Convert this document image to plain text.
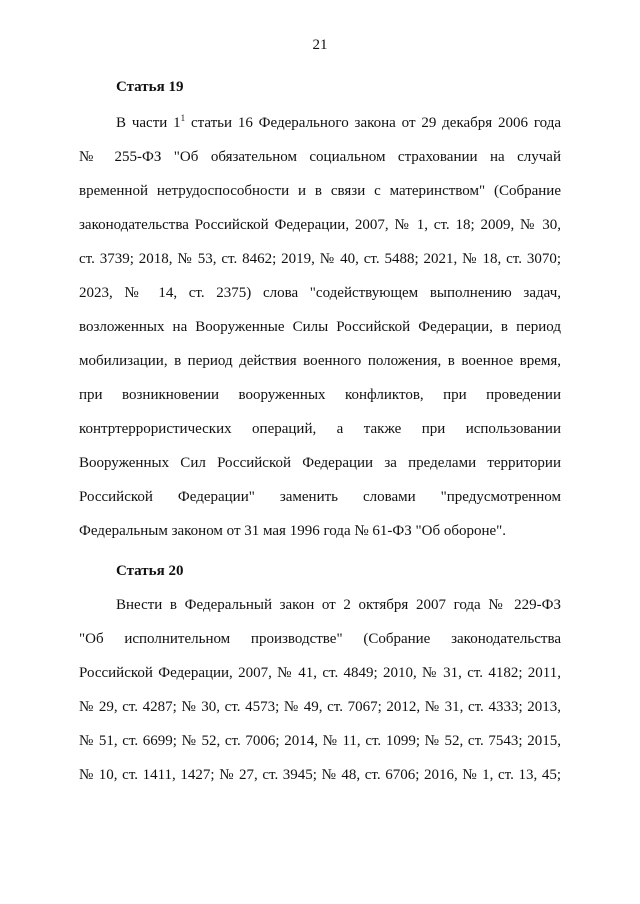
21
Статья 19
В части $1^1$ статьи 16 Федерального закона от 29 декабря 2006 года
№ 255-ФЗ "Об обязательном социальном страховании на случай
временной нетрудоспособности и в связи с материнством" (Собрание
законодательства Российской Федерации, 2007, № 1, ст. 18; 2009, № 30,
ст. 3739; 2018, № 53, ст. 8462; 2019, № 40, ст. 5488; 2021, № 18, ст. 3070;
2023, № 14, ст. 2375) слова "содействующем выполнению задач,
возложенных на Вооруженные Силы Российской Федерации, в период
мобилизации, в период действия военного положения, в военное время,
при возникновении вооруженных конфликтов, при проведении
контртеррористических операций, а также при использовании
Вооруженных Сил Российской Федерации за пределами территории
Российской Федерации" заменить словами "предусмотренном
Федеральным законом от 31 мая 1996 года № 61-ФЗ "Об обороне".
Статья 20
Внести в Федеральный закон от 2 октября 2007 года № 229-ФЗ
"Об исполнительном производстве" (Собрание законодательства
Российской Федерации, 2007, № 41, ст. 4849; 2010, № 31, ст. 4182; 2011,
№ 29, ст. 4287; № 30, ст. 4573; № 49, ст. 7067; 2012, № 31, ст. 4333; 2013,
№ 51, ст. 6699; № 52, ст. 7006; 2014, № 11, ст. 1099; № 52, ст. 7543; 2015,
№ 10, ст. 1411, 1427; № 27, ст. 3945; № 48, ст. 6706; 2016, № 1, ст. 13, 45;
